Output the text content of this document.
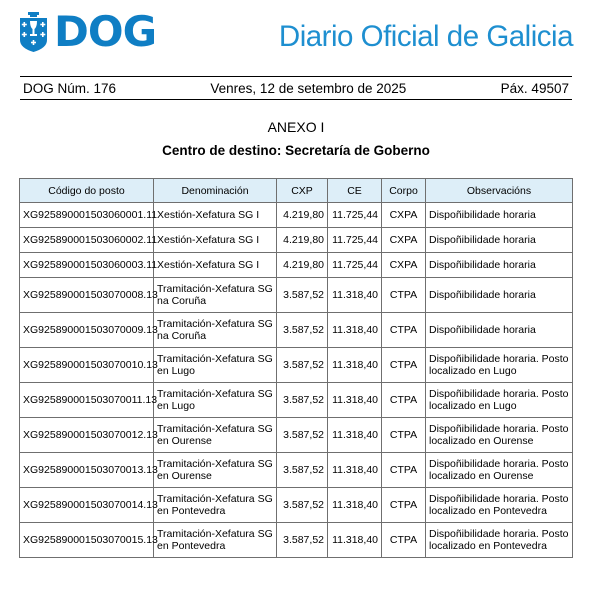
DOG	Diario Oficial de Galicia
DOG Núm. 176	Venres, 12 de setembro de 2025	Páx. 49507
ANEXO I
Centro de destino: Secretaría de Goberno
Código do posto	Denominación	CXP	CE	Corpo	Observacións
XG925890001503060001.11	Xestión-Xefatura SG I	4.219,80	11.725,44	CXPA	Dispoñibilidade horaria
XG925890001503060002.11	Xestión-Xefatura SG I	4.219,80	11.725,44	CXPA	Dispoñibilidade horaria
XG925890001503060003.11	Xestión-Xefatura SG I	4.219,80	11.725,44	CXPA	Dispoñibilidade horaria
XG925890001503070008.13	Tramitación-Xefatura SG na Coruña	3.587,52	11.318,40	CTPA	Dispoñibilidade horaria
XG925890001503070009.13	Tramitación-Xefatura SG na Coruña	3.587,52	11.318,40	CTPA	Dispoñibilidade horaria
XG925890001503070010.13	Tramitación-Xefatura SG en Lugo	3.587,52	11.318,40	CTPA	Dispoñibilidade horaria. Posto localizado en Lugo
XG925890001503070011.13	Tramitación-Xefatura SG en Lugo	3.587,52	11.318,40	CTPA	Dispoñibilidade horaria. Posto localizado en Lugo
XG925890001503070012.13	Tramitación-Xefatura SG en Ourense	3.587,52	11.318,40	CTPA	Dispoñibilidade horaria. Posto localizado en Ourense
XG925890001503070013.13	Tramitación-Xefatura SG en Ourense	3.587,52	11.318,40	CTPA	Dispoñibilidade horaria. Posto localizado en Ourense
XG925890001503070014.13	Tramitación-Xefatura SG en Pontevedra	3.587,52	11.318,40	CTPA	Dispoñibilidade horaria. Posto localizado en Pontevedra
XG925890001503070015.13	Tramitación-Xefatura SG en Pontevedra	3.587,52	11.318,40	CTPA	Dispoñibilidade horaria. Posto localizado en Pontevedra
